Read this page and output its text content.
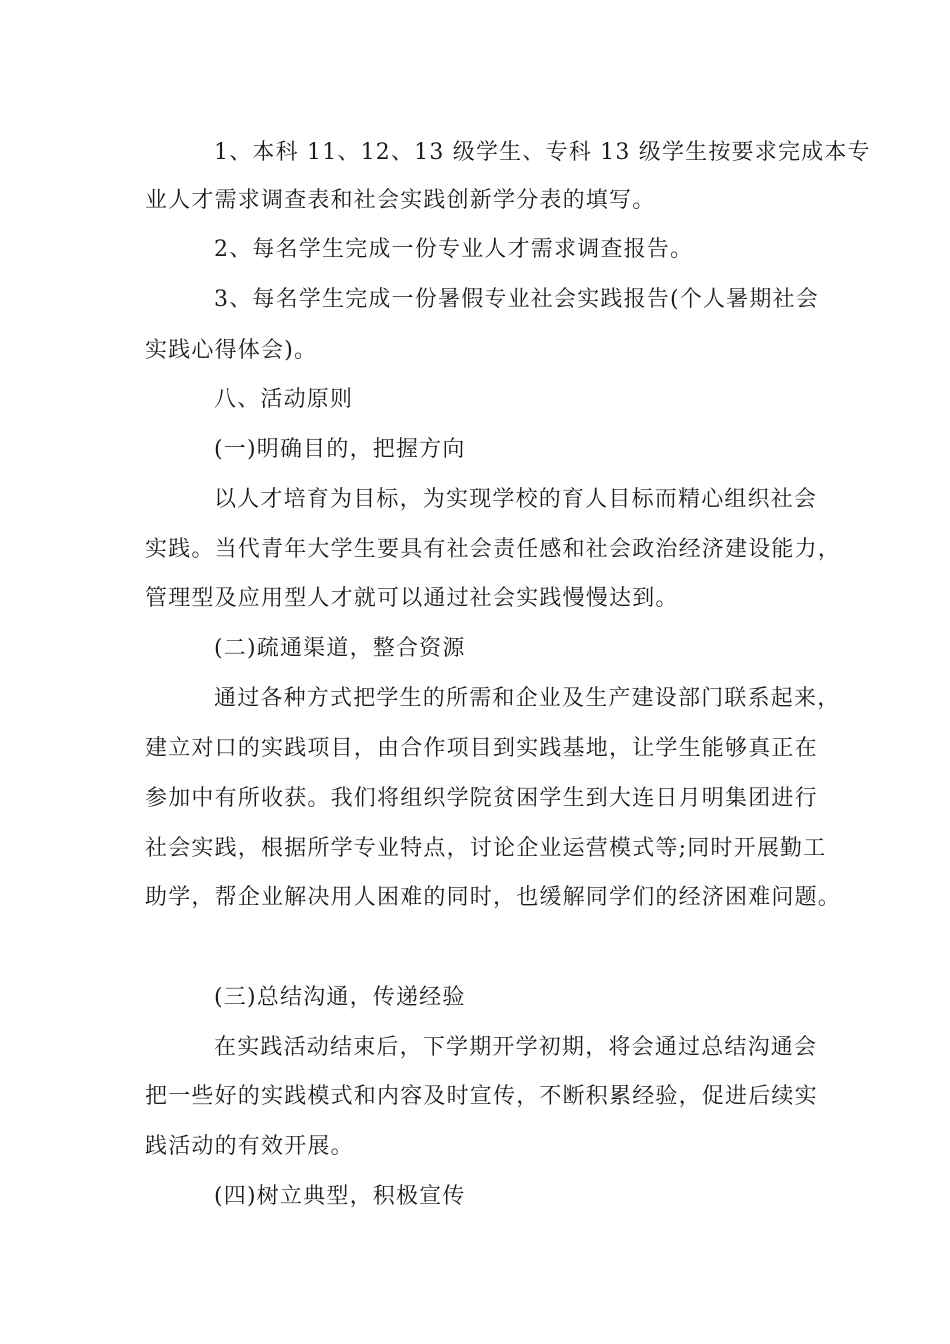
1、本科 11、12、13 级学生、专科 13 级学生按要求完成本专
业人才需求调查表和社会实践创新学分表的填写。
2、每名学生完成一份专业人才需求调查报告。
3、每名学生完成一份暑假专业社会实践报告(个人暑期社会
实践心得体会)。
八、活动原则
(一)明确目的，把握方向
以人才培育为目标，为实现学校的育人目标而精心组织社会
实践。当代青年大学生要具有社会责任感和社会政治经济建设能力，
管理型及应用型人才就可以通过社会实践慢慢达到。
(二)疏通渠道，整合资源
通过各种方式把学生的所需和企业及生产建设部门联系起来，
建立对口的实践项目，由合作项目到实践基地，让学生能够真正在
参加中有所收获。我们将组织学院贫困学生到大连日月明集团进行
社会实践，根据所学专业特点，讨论企业运营模式等;同时开展勤工
助学，帮企业解决用人困难的同时，也缓解同学们的经济困难问题。
(三)总结沟通，传递经验
在实践活动结束后，下学期开学初期，将会通过总结沟通会
把一些好的实践模式和内容及时宣传，不断积累经验，促进后续实
践活动的有效开展。
(四)树立典型，积极宣传
